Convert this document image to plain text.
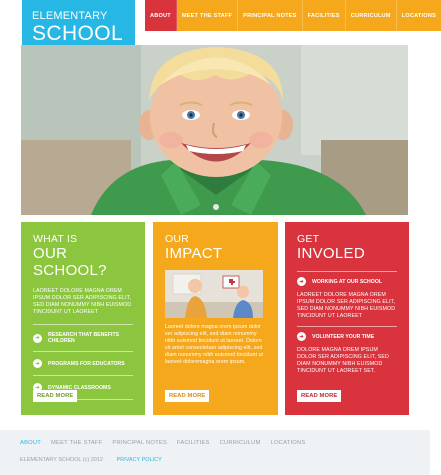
ELEMENTARY
SCHOOL
ABOUT	MEET THE STAFF	PRINCIPAL NOTES	FACILITIES	CURRICULUM	LOCATIONS
WHAT IS
OUR SCHOOL?
LAOREET DOLORE MAGNA OREM IPSUM DOLOR SER ADIPISCING ELIT, SED DIAM NONUMMY NIBH EUISMOD TINCIDUNT UT LAOREET
➜	RESEARCH THAT BENEFITS CHILDREN
➜	PROGRAMS FOR EDUCATORS
➜	DYNAMIC CLASSROOMS
READ MORE
OUR
IMPACT
Laoreet dolore magna orem ipsum dolor ser adipiscing elit, sed diam nonummy nibh euismod tincidunt ut laoreet. Dolore sit amet consectetuer adipiscing elit, sed diam nonummy nibh euismod tincidunt ut laoreet doloremagna orem ipsum.
READ MORE
GET
INVOLED
➜	WORKING AT OUR SCHOOL
LAOREET DOLORE MAGNA OREM IPSUM DOLOR SER ADIPISCING ELIT, SED DIAM NONUMMY NIBH EUISMOD TINCIDUNT UT LAOREET
➜	VOLUNTEER YOUR TIME
DOLORE MAGNA OREM IPSUM DOLOR SER ADIPISCING ELIT, SED DIAM NONUMMY NIBH EUISMOD TINCIDUNT UT LAOREET SET.
READ MORE
ABOUT MEET THE STAFF PRINCIPAL NOTES FACILITIES CURRICULUM LOCATIONS
ELEMENTARY SCHOOL (c) 2012 PRIVACY POLICY
